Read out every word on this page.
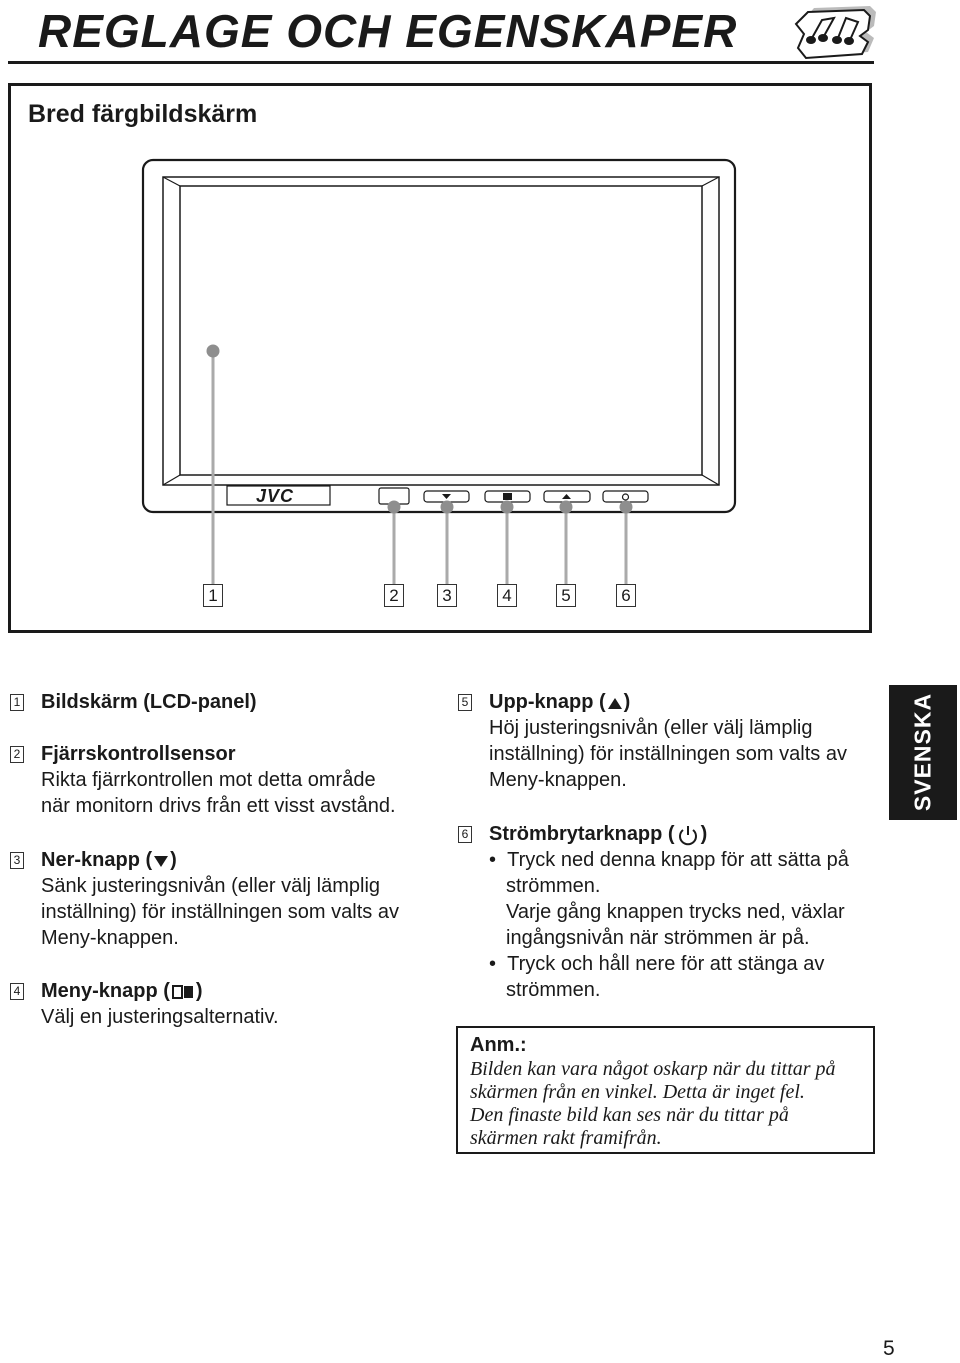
REGLAGE OCH EGENSKAPER
Bred färgbildskärm
JVC
1	2	3	4	5	6
1 Bildskärm (LCD-panel)
2 Fjärrskontrollsensor
Rikta fjärrkontrollen mot detta område
när monitorn drivs från ett visst avstånd.
3 Ner-knapp ( )
Sänk justeringsnivån (eller välj lämplig
inställning) för inställningen som valts av
Meny-knappen.
4 Meny-knapp ( )
Välj en justeringsalternativ.
5 Upp-knapp ( )
Höj justeringsnivån (eller välj lämplig
inställning) för inställningen som valts av
Meny-knappen.
6 Strömbrytarknapp ( )
•  Tryck ned denna knapp för att sätta på
strömmen.
Varje gång knappen trycks ned, växlar
ingångsnivån när strömmen är på.
•  Tryck och håll nere för att stänga av
strömmen.
Anm.:
Bilden kan vara något oskarp när du tittar på
skärmen från en vinkel. Detta är inget fel.
Den finaste bild kan ses när du tittar på
skärmen rakt framifrån.
SVENSKA
5
